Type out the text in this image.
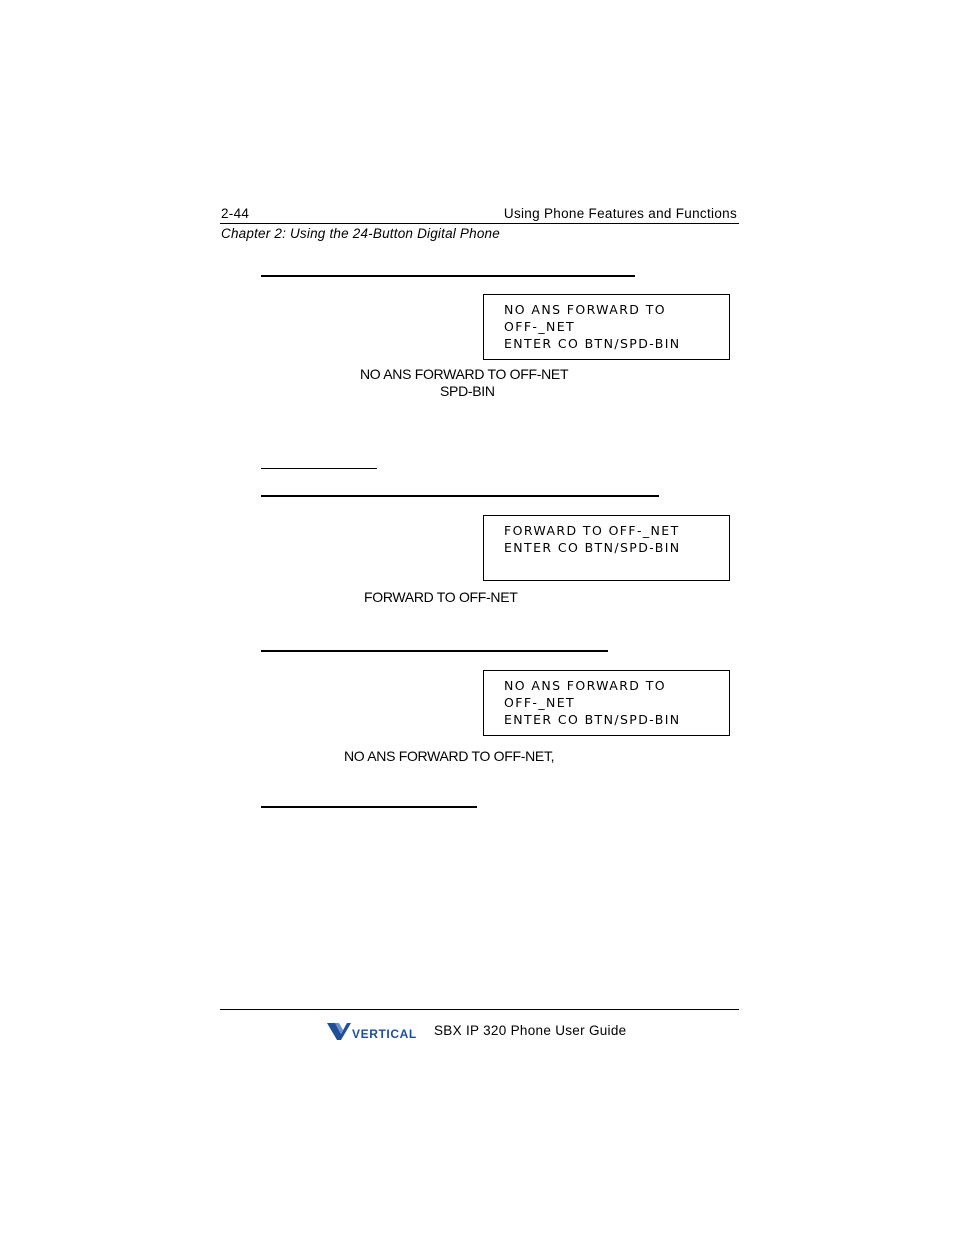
2-44	Using Phone Features and Functions
Chapter 2: Using the 24-Button Digital Phone
NO ANS FORWARD TO
OFF-_NET
ENTER CO BTN/SPD-BIN
NO ANS FORWARD TO OFF-NET
SPD-BIN
FORWARD TO OFF-_NET
ENTER CO BTN/SPD-BIN
FORWARD TO OFF-NET
NO ANS FORWARD TO
OFF-_NET
ENTER CO BTN/SPD-BIN
NO ANS FORWARD TO OFF-NET,
VERTICAL SBX IP 320 Phone User Guide
